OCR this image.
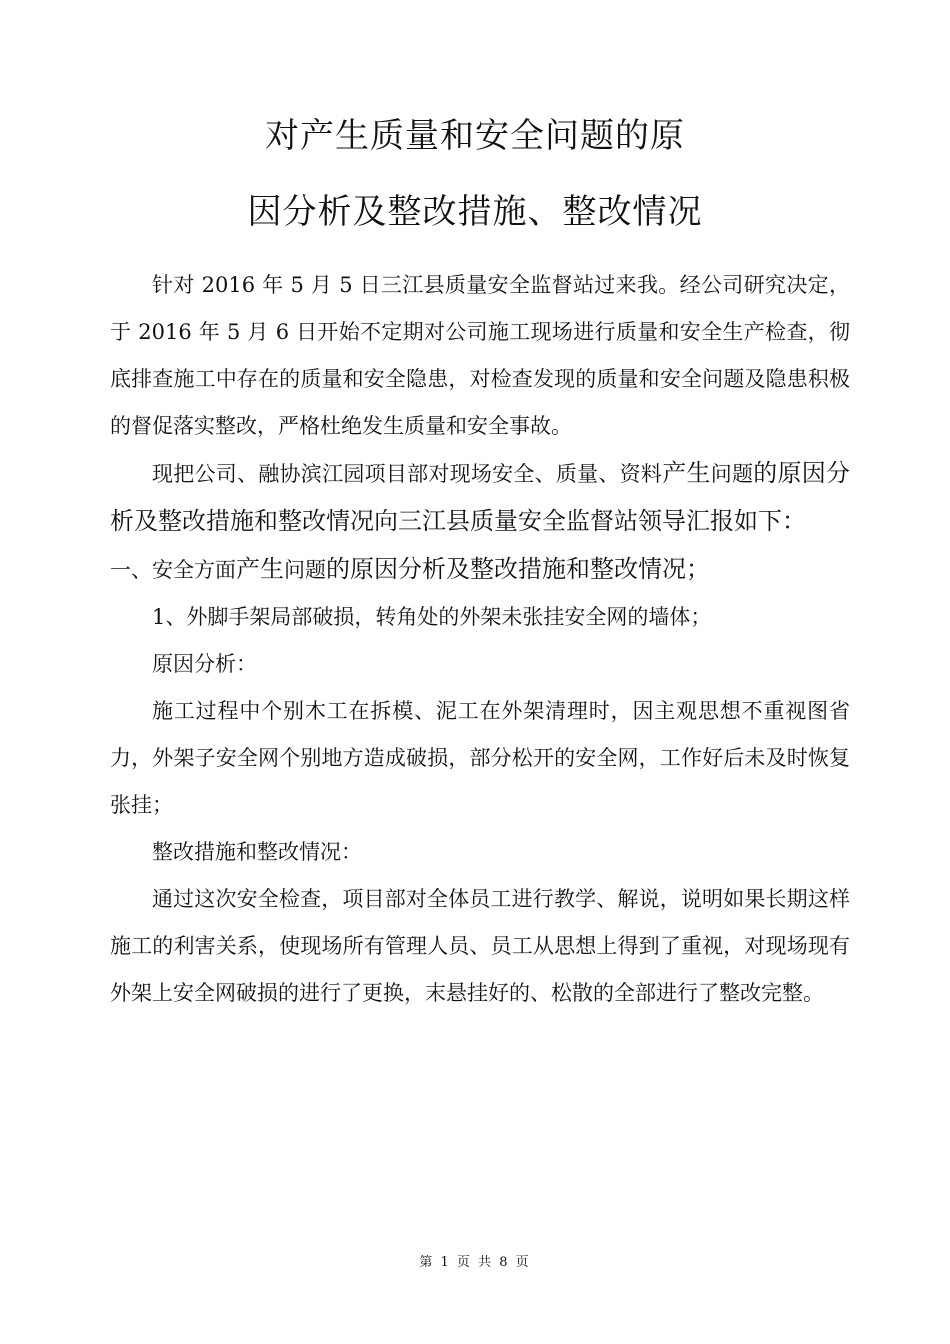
对产生质量和安全问题的原
因分析及整改措施、整改情况

针对 2016 年 5 月 5 日三江县质量安全监督站过来我。经公司研究决定，于 2016 年 5 月 6 日开始不定期对公司施工现场进行质量和安全生产检查，彻底排查施工中存在的质量和安全隐患，对检查发现的质量和安全问题及隐患积极的督促落实整改，严格杜绝发生质量和安全事故。

现把公司、融协滨江园项目部对现场安全、质量、资料产生问题的原因分析及整改措施和整改情况向三江县质量安全监督站领导汇报如下：

一、安全方面产生问题的原因分析及整改措施和整改情况；

1、外脚手架局部破损，转角处的外架未张挂安全网的墙体；

原因分析：

施工过程中个别木工在拆模、泥工在外架清理时，因主观思想不重视图省力，外架子安全网个别地方造成破损，部分松开的安全网，工作好后未及时恢复张挂；

整改措施和整改情况：

通过这次安全检查，项目部对全体员工进行教学、解说，说明如果长期这样施工的利害关系，使现场所有管理人员、员工从思想上得到了重视，对现场现有外架上安全网破损的进行了更换，末悬挂好的、松散的全部进行了整改完整。

第 1 页 共 8 页
